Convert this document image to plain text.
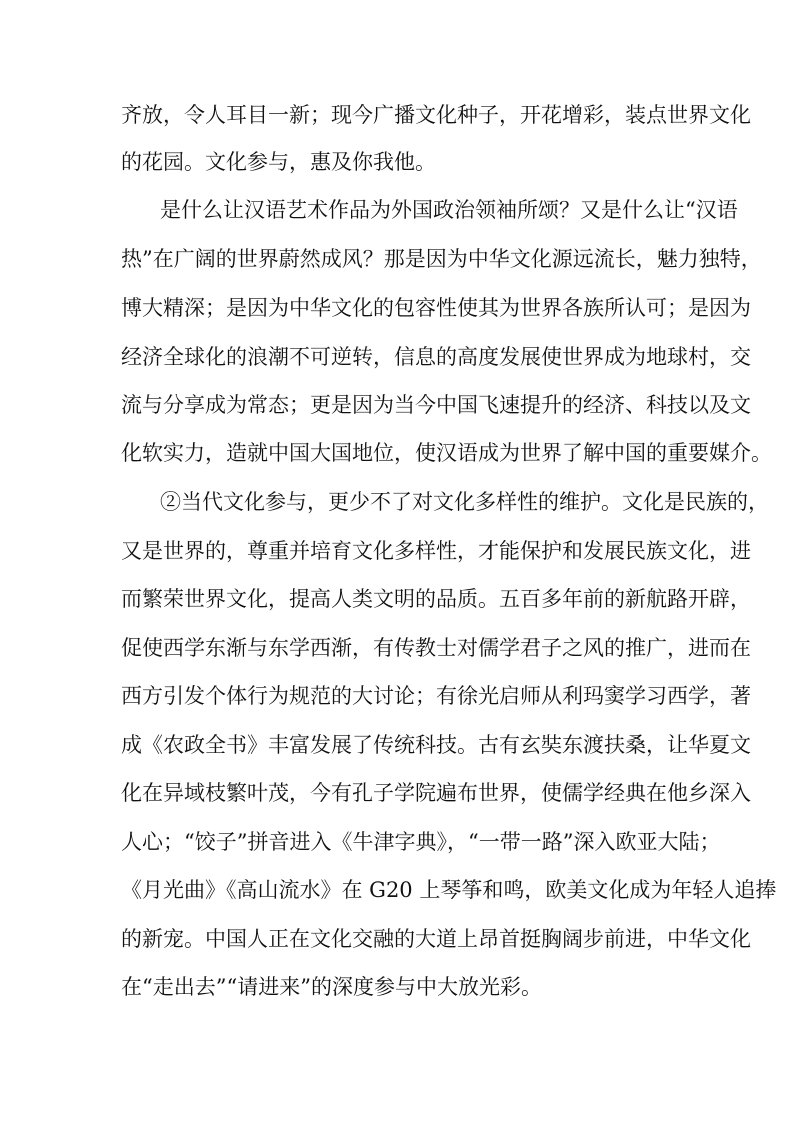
齐放，令人耳目一新；现今广播文化种子，开花增彩，装点世界文化
的花园。文化参与，惠及你我他。
是什么让汉语艺术作品为外国政治领袖所颂？又是什么让“汉语
热”在广阔的世界蔚然成风？那是因为中华文化源远流长，魅力独特，
博大精深；是因为中华文化的包容性使其为世界各族所认可；是因为
经济全球化的浪潮不可逆转，信息的高度发展使世界成为地球村，交
流与分享成为常态；更是因为当今中国飞速提升的经济、科技以及文
化软实力，造就中国大国地位，使汉语成为世界了解中国的重要媒介。
②当代文化参与，更少不了对文化多样性的维护。文化是民族的，
又是世界的，尊重并培育文化多样性，才能保护和发展民族文化，进
而繁荣世界文化，提高人类文明的品质。五百多年前的新航路开辟，
促使西学东渐与东学西渐，有传教士对儒学君子之风的推广，进而在
西方引发个体行为规范的大讨论；有徐光启师从利玛窦学习西学，著
成《农政全书》丰富发展了传统科技。古有玄奘东渡扶桑，让华夏文
化在异域枝繁叶茂，今有孔子学院遍布世界，使儒学经典在他乡深入
人心；“饺子”拼音进入《牛津字典》，“一带一路”深入欧亚大陆；
《月光曲》《高山流水》在 G20 上琴筝和鸣，欧美文化成为年轻人追捧
的新宠。中国人正在文化交融的大道上昂首挺胸阔步前进，中华文化
在“走出去”“请进来”的深度参与中大放光彩。
